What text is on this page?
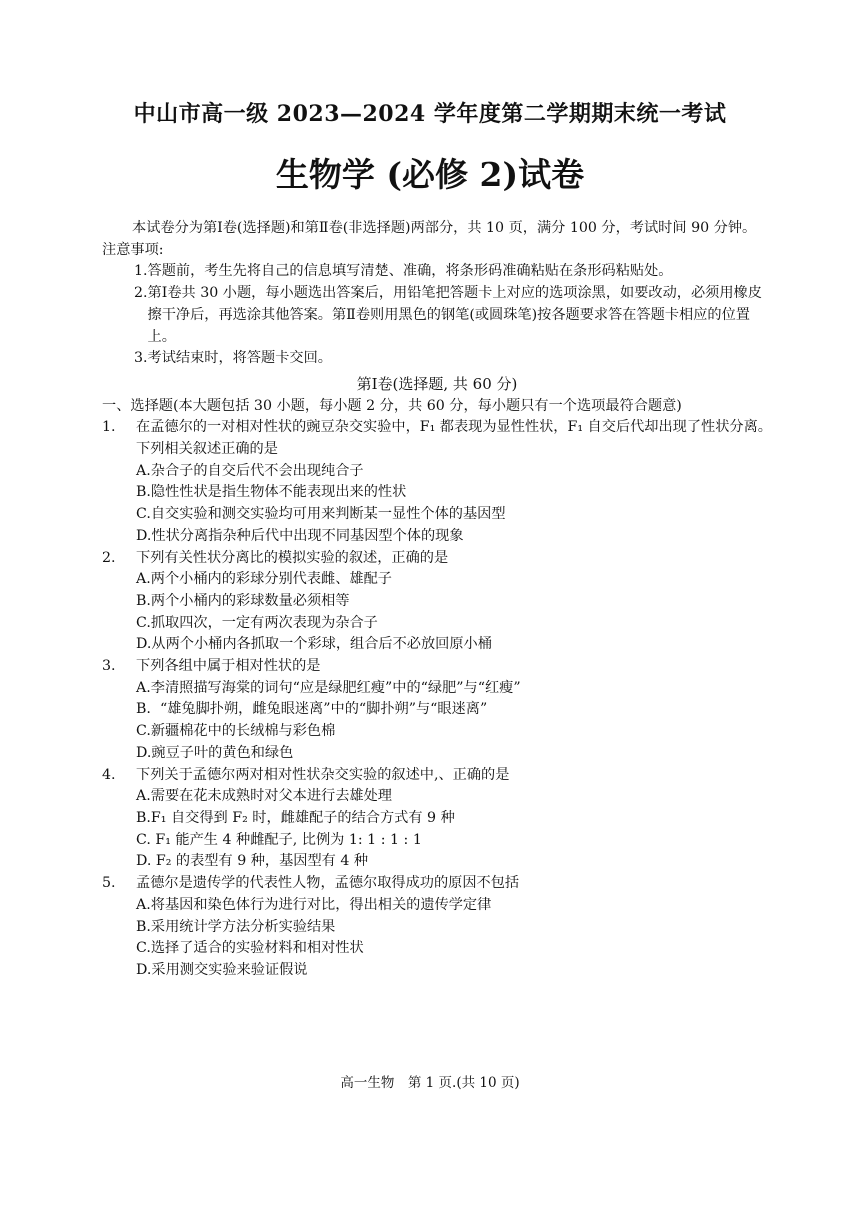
中山市高一级 2023—2024 学年度第二学期期末统一考试
生物学 (必修 2)试卷

本试卷分为第Ⅰ卷(选择题)和第Ⅱ卷(非选择题)两部分，共 10 页，满分 100 分，考试时间 90 分钟。

注意事项:
1. 答题前，考生先将自己的信息填写清楚、准确，将条形码准确粘贴在条形码粘贴处。
2. 第Ⅰ卷共 30 小题，每小题选出答案后，用铅笔把答题卡上对应的选项涂黑，如要改动，必须用橡皮擦干净后，再选涂其他答案。第Ⅱ卷则用黑色的钢笔(或圆珠笔)按各题要求答在答题卡相应的位置上。
3. 考试结束时，将答题卡交回。
第Ⅰ卷(选择题, 共 60 分)
一、选择题(本大题包括 30 小题，每小题 2 分，共 60 分，每小题只有一个选项最符合题意)
1.	在孟德尔的一对相对性状的豌豆杂交实验中，F₁ 都表现为显性性状，F₁ 自交后代却出现了性状分离。下列相关叙述正确的是
A.杂合子的自交后代不会出现纯合子
B.隐性性状是指生物体不能表现出来的性状
C.自交实验和测交实验均可用来判断某一显性个体的基因型
D.性状分离指杂种后代中出现不同基因型个体的现象
2.	下列有关性状分离比的模拟实验的叙述，正确的是
A.两个小桶内的彩球分别代表雌、雄配子
B.两个小桶内的彩球数量必须相等
C.抓取四次，一定有两次表现为杂合子
D.从两个小桶内各抓取一个彩球，组合后不必放回原小桶
3.	下列各组中属于相对性状的是
A.李清照描写海棠的词句“应是绿肥红瘦”中的“绿肥”与“红瘦”
B.  “雄兔脚扑朔，雌兔眼迷离”中的“脚扑朔”与“眼迷离”
C.新疆棉花中的长绒棉与彩色棉
D.豌豆子叶的黄色和绿色
4.	下列关于孟德尔两对相对性状杂交实验的叙述中,、正确的是
A.需要在花未成熟时对父本进行去雄处理
B.F₁ 自交得到 F₂ 时，雌雄配子的结合方式有 9 种
C. F₁ 能产生 4 种雌配子, 比例为 1: 1 : 1 : 1
D. F₂ 的表型有 9 种，基因型有 4 种
5.	孟德尔是遗传学的代表性人物，孟德尔取得成功的原因不包括
A.将基因和染色体行为进行对比，得出相关的遗传学定律
B.采用统计学方法分析实验结果
C.选择了适合的实验材料和相对性状
D.采用测交实验来验证假说
高一生物　第 1 页.(共 10 页)
